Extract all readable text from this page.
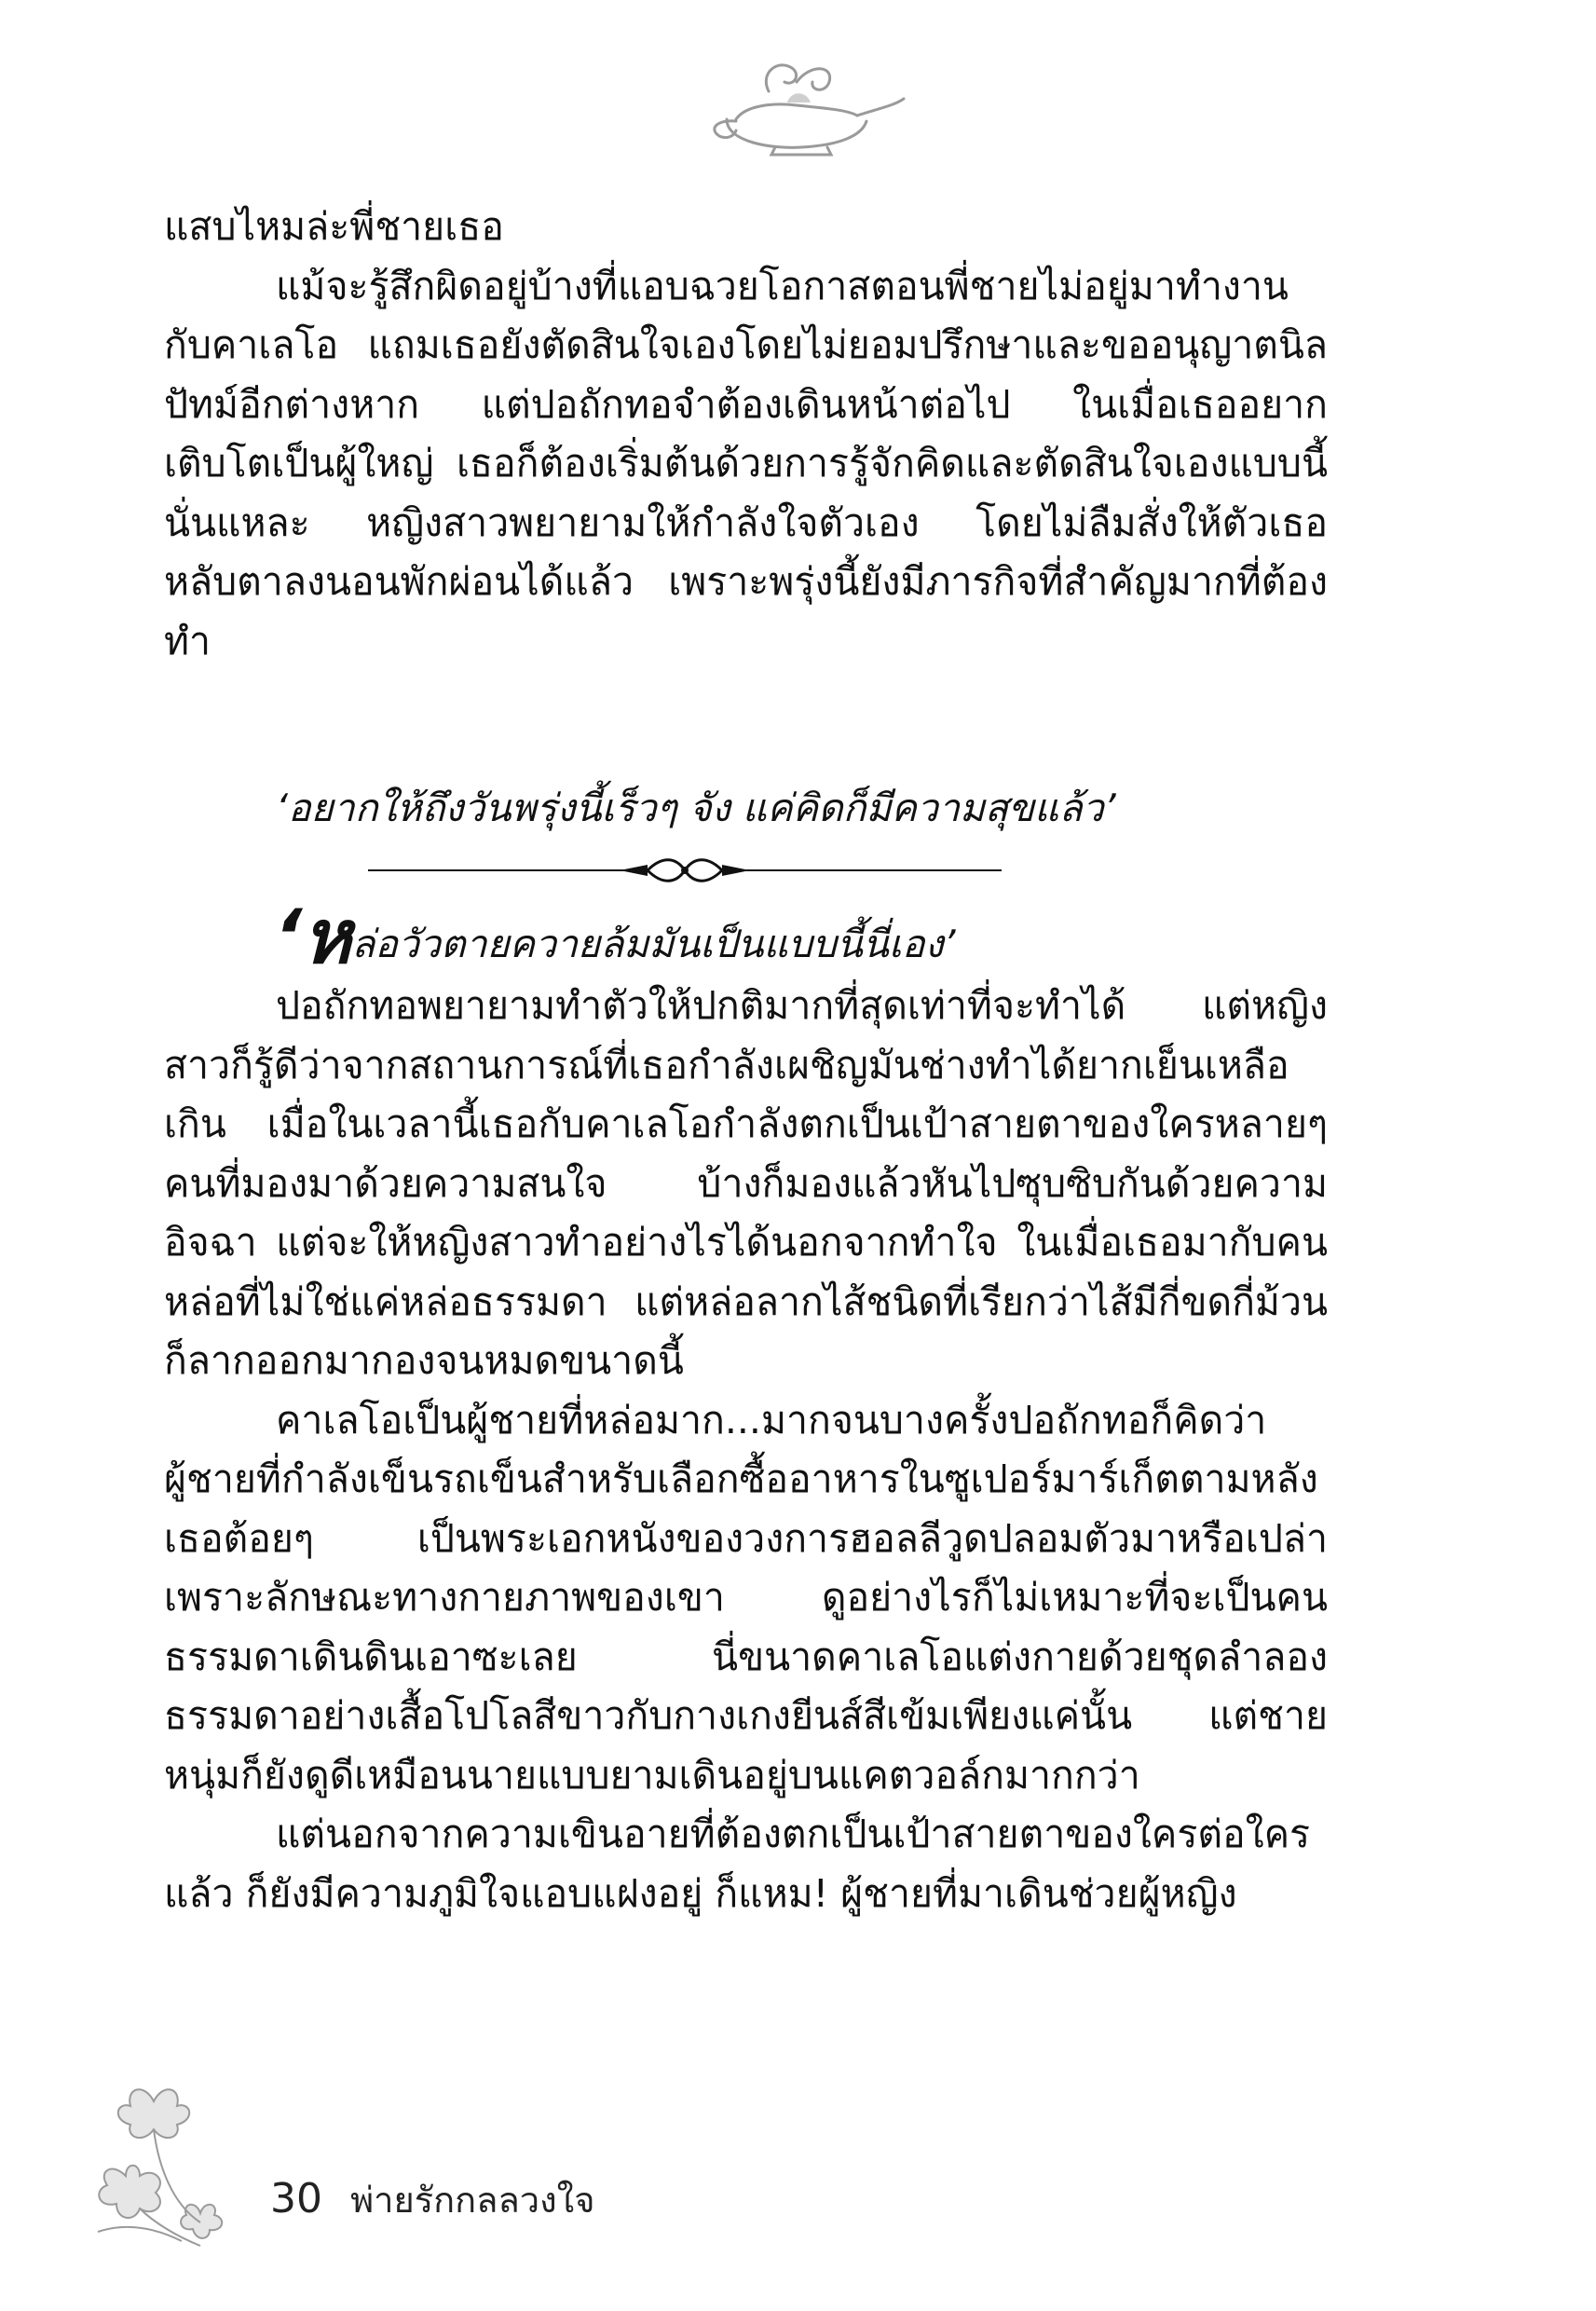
แสบไหมล่ะพี่ชายเธอ

แม้จะรู้สึกผิดอยู่บ้างที่แอบฉวยโอกาสตอนพี่ชายไม่อยู่มาทำงานกับคาเลโอ แถมเธอยังตัดสินใจเองโดยไม่ยอมปรึกษาและขออนุญาตนิลปัทม์อีกต่างหาก แต่ปอถักทอจำต้องเดินหน้าต่อไป ในเมื่อเธออยากเติบโตเป็นผู้ใหญ่ เธอก็ต้องเริ่มต้นด้วยการรู้จักคิดและตัดสินใจเองแบบนี้นั่นแหละ หญิงสาวพยายามให้กำลังใจตัวเอง โดยไม่ลืมสั่งให้ตัวเธอหลับตาลงนอนพักผ่อนได้แล้ว เพราะพรุ่งนี้ยังมีภารกิจที่สำคัญมากที่ต้องทำ

‘อยากให้ถึงวันพรุ่งนี้เร็วๆ จัง แค่คิดก็มีความสุขแล้ว’
‘หล่อวัวตายควายล้มมันเป็นแบบนี้นี่เอง’

ปอถักทอพยายามทำตัวให้ปกติมากที่สุดเท่าที่จะทำได้ แต่หญิงสาวก็รู้ดีว่าจากสถานการณ์ที่เธอกำลังเผชิญมันช่างทำได้ยากเย็นเหลือเกิน เมื่อในเวลานี้เธอกับคาเลโอกำลังตกเป็นเป้าสายตาของใครหลายๆ คนที่มองมาด้วยความสนใจ บ้างก็มองแล้วหันไปซุบซิบกันด้วยความอิจฉา แต่จะให้หญิงสาวทำอย่างไรได้นอกจากทำใจ ในเมื่อเธอมากับคนหล่อที่ไม่ใช่แค่หล่อธรรมดา แต่หล่อลากไส้ชนิดที่เรียกว่าไส้มีกี่ขดกี่ม้วนก็ลากออกมากองจนหมดขนาดนี้

คาเลโอเป็นผู้ชายที่หล่อมาก...มากจนบางครั้งปอถักทอก็คิดว่าผู้ชายที่กำลังเข็นรถเข็นสำหรับเลือกซื้ออาหารในซูเปอร์มาร์เก็ตตามหลังเธอต้อยๆ เป็นพระเอกหนังของวงการฮอลลีวูดปลอมตัวมาหรือเปล่า เพราะลักษณะทางกายภาพของเขา ดูอย่างไรก็ไม่เหมาะที่จะเป็นคนธรรมดาเดินดินเอาซะเลย นี่ขนาดคาเลโอแต่งกายด้วยชุดลำลองธรรมดาอย่างเสื้อโปโลสีขาวกับกางเกงยีนส์สีเข้มเพียงแค่นั้น แต่ชายหนุ่มก็ยังดูดีเหมือนนายแบบยามเดินอยู่บนแคตวอล์กมากกว่า

แต่นอกจากความเขินอายที่ต้องตกเป็นเป้าสายตาของใครต่อใครแล้ว ก็ยังมีความภูมิใจแอบแฝงอยู่ ก็แหม! ผู้ชายที่มาเดินช่วยผู้หญิง

30 พ่ายรักกลลวงใจ
